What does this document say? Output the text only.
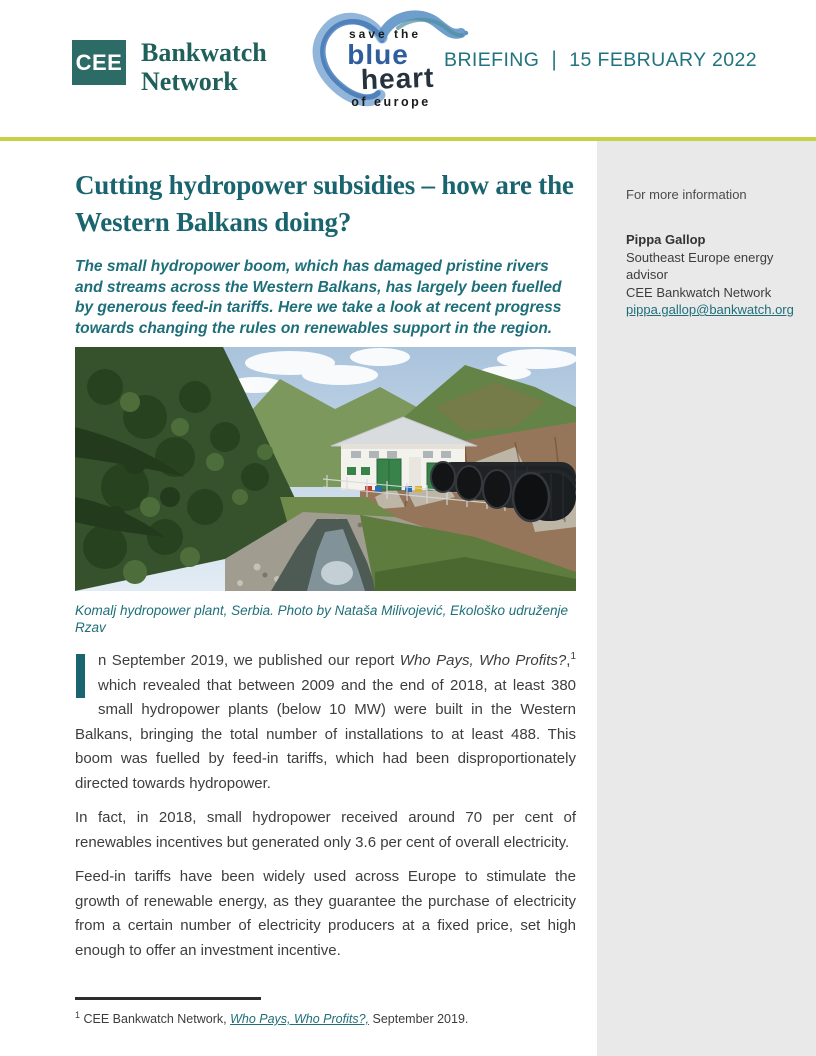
CEE Bankwatch
Network
save the
blue
heart
of europe
BRIEFING | 15 FEBRUARY 2022
For more information
Pippa Gallop
Southeast Europe energy advisor
CEE Bankwatch Network
pippa.gallop@bankwatch.org
Cutting hydropower subsidies – how are the Western Balkans doing?
The small hydropower boom, which has damaged pristine rivers and streams across the Western Balkans, has largely been fuelled by generous feed-in tariffs. Here we take a look at recent progress towards changing the rules on renewables support in the region.
Komalj hydropower plant, Serbia. Photo by Nataša Milivojević, Ekološko udruženje Rzav

n September 2019, we published our report Who Pays, Who Profits?,$^1$ which revealed that between 2009 and the end of 2018, at least 380 small hydropower plants (below 10 MW) were built in the Western Balkans, bringing the total number of installations to at least 488. This boom was fuelled by feed-in tariffs, which had been disproportionately directed towards hydropower.

In fact, in 2018, small hydropower received around 70 per cent of renewables incentives but generated only 3.6 per cent of overall electricity.

Feed-in tariffs have been widely used across Europe to stimulate the growth of renewable energy, as they guarantee the purchase of electricity from a certain number of electricity producers at a fixed price, set high enough to offer an investment incentive.

$^1$ CEE Bankwatch Network, Who Pays, Who Profits?, September 2019.
